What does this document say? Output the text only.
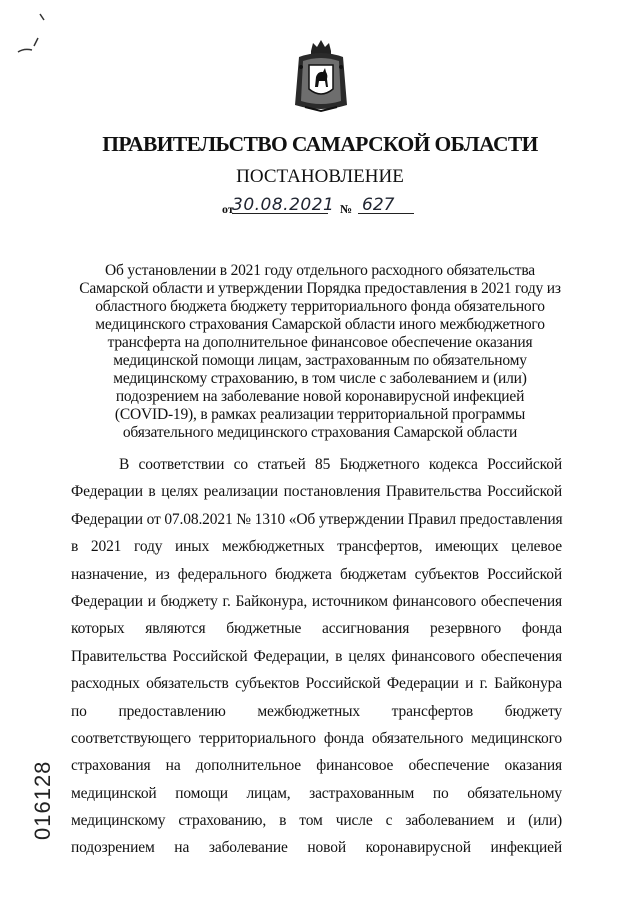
ПРАВИТЕЛЬСТВО САМАРСКОЙ ОБЛАСТИ
ПОСТАНОВЛЕНИЕ
от
30.08.2021 № 627
Об установлении в 2021 году отдельного расходного обязательства
Самарской области и утверждении Порядка предоставления в 2021 году из
областного бюджета бюджету территориального фонда обязательного
медицинского страхования Самарской области иного межбюджетного
трансферта на дополнительное финансовое обеспечение оказания
медицинской помощи лицам, застрахованным по обязательному
медицинскому страхованию, в том числе с заболеванием и (или)
подозрением на заболевание новой коронавирусной инфекцией
(COVID-19), в рамках реализации территориальной программы
обязательного медицинского страхования Самарской области
В соответствии со статьей 85 Бюджетного кодекса Российской
Федерации в целях реализации постановления Правительства Российской
Федерации от 07.08.2021 № 1310 «Об утверждении Правил предоставления
в 2021 году иных межбюджетных трансфертов, имеющих целевое
назначение, из федерального бюджета бюджетам субъектов Российской
Федерации и бюджету г. Байконура, источником финансового обеспечения
которых являются бюджетные ассигнования резервного фонда
Правительства Российской Федерации, в целях финансового обеспечения
расходных обязательств субъектов Российской Федерации и г. Байконура
по предоставлению межбюджетных трансфертов бюджету
соответствующего территориального фонда обязательного медицинского
страхования на дополнительное финансовое обеспечение оказания
медицинской помощи лицам, застрахованным по обязательному
медицинскому страхованию, в том числе с заболеванием и (или)
подозрением на заболевание новой коронавирусной инфекцией
016128
